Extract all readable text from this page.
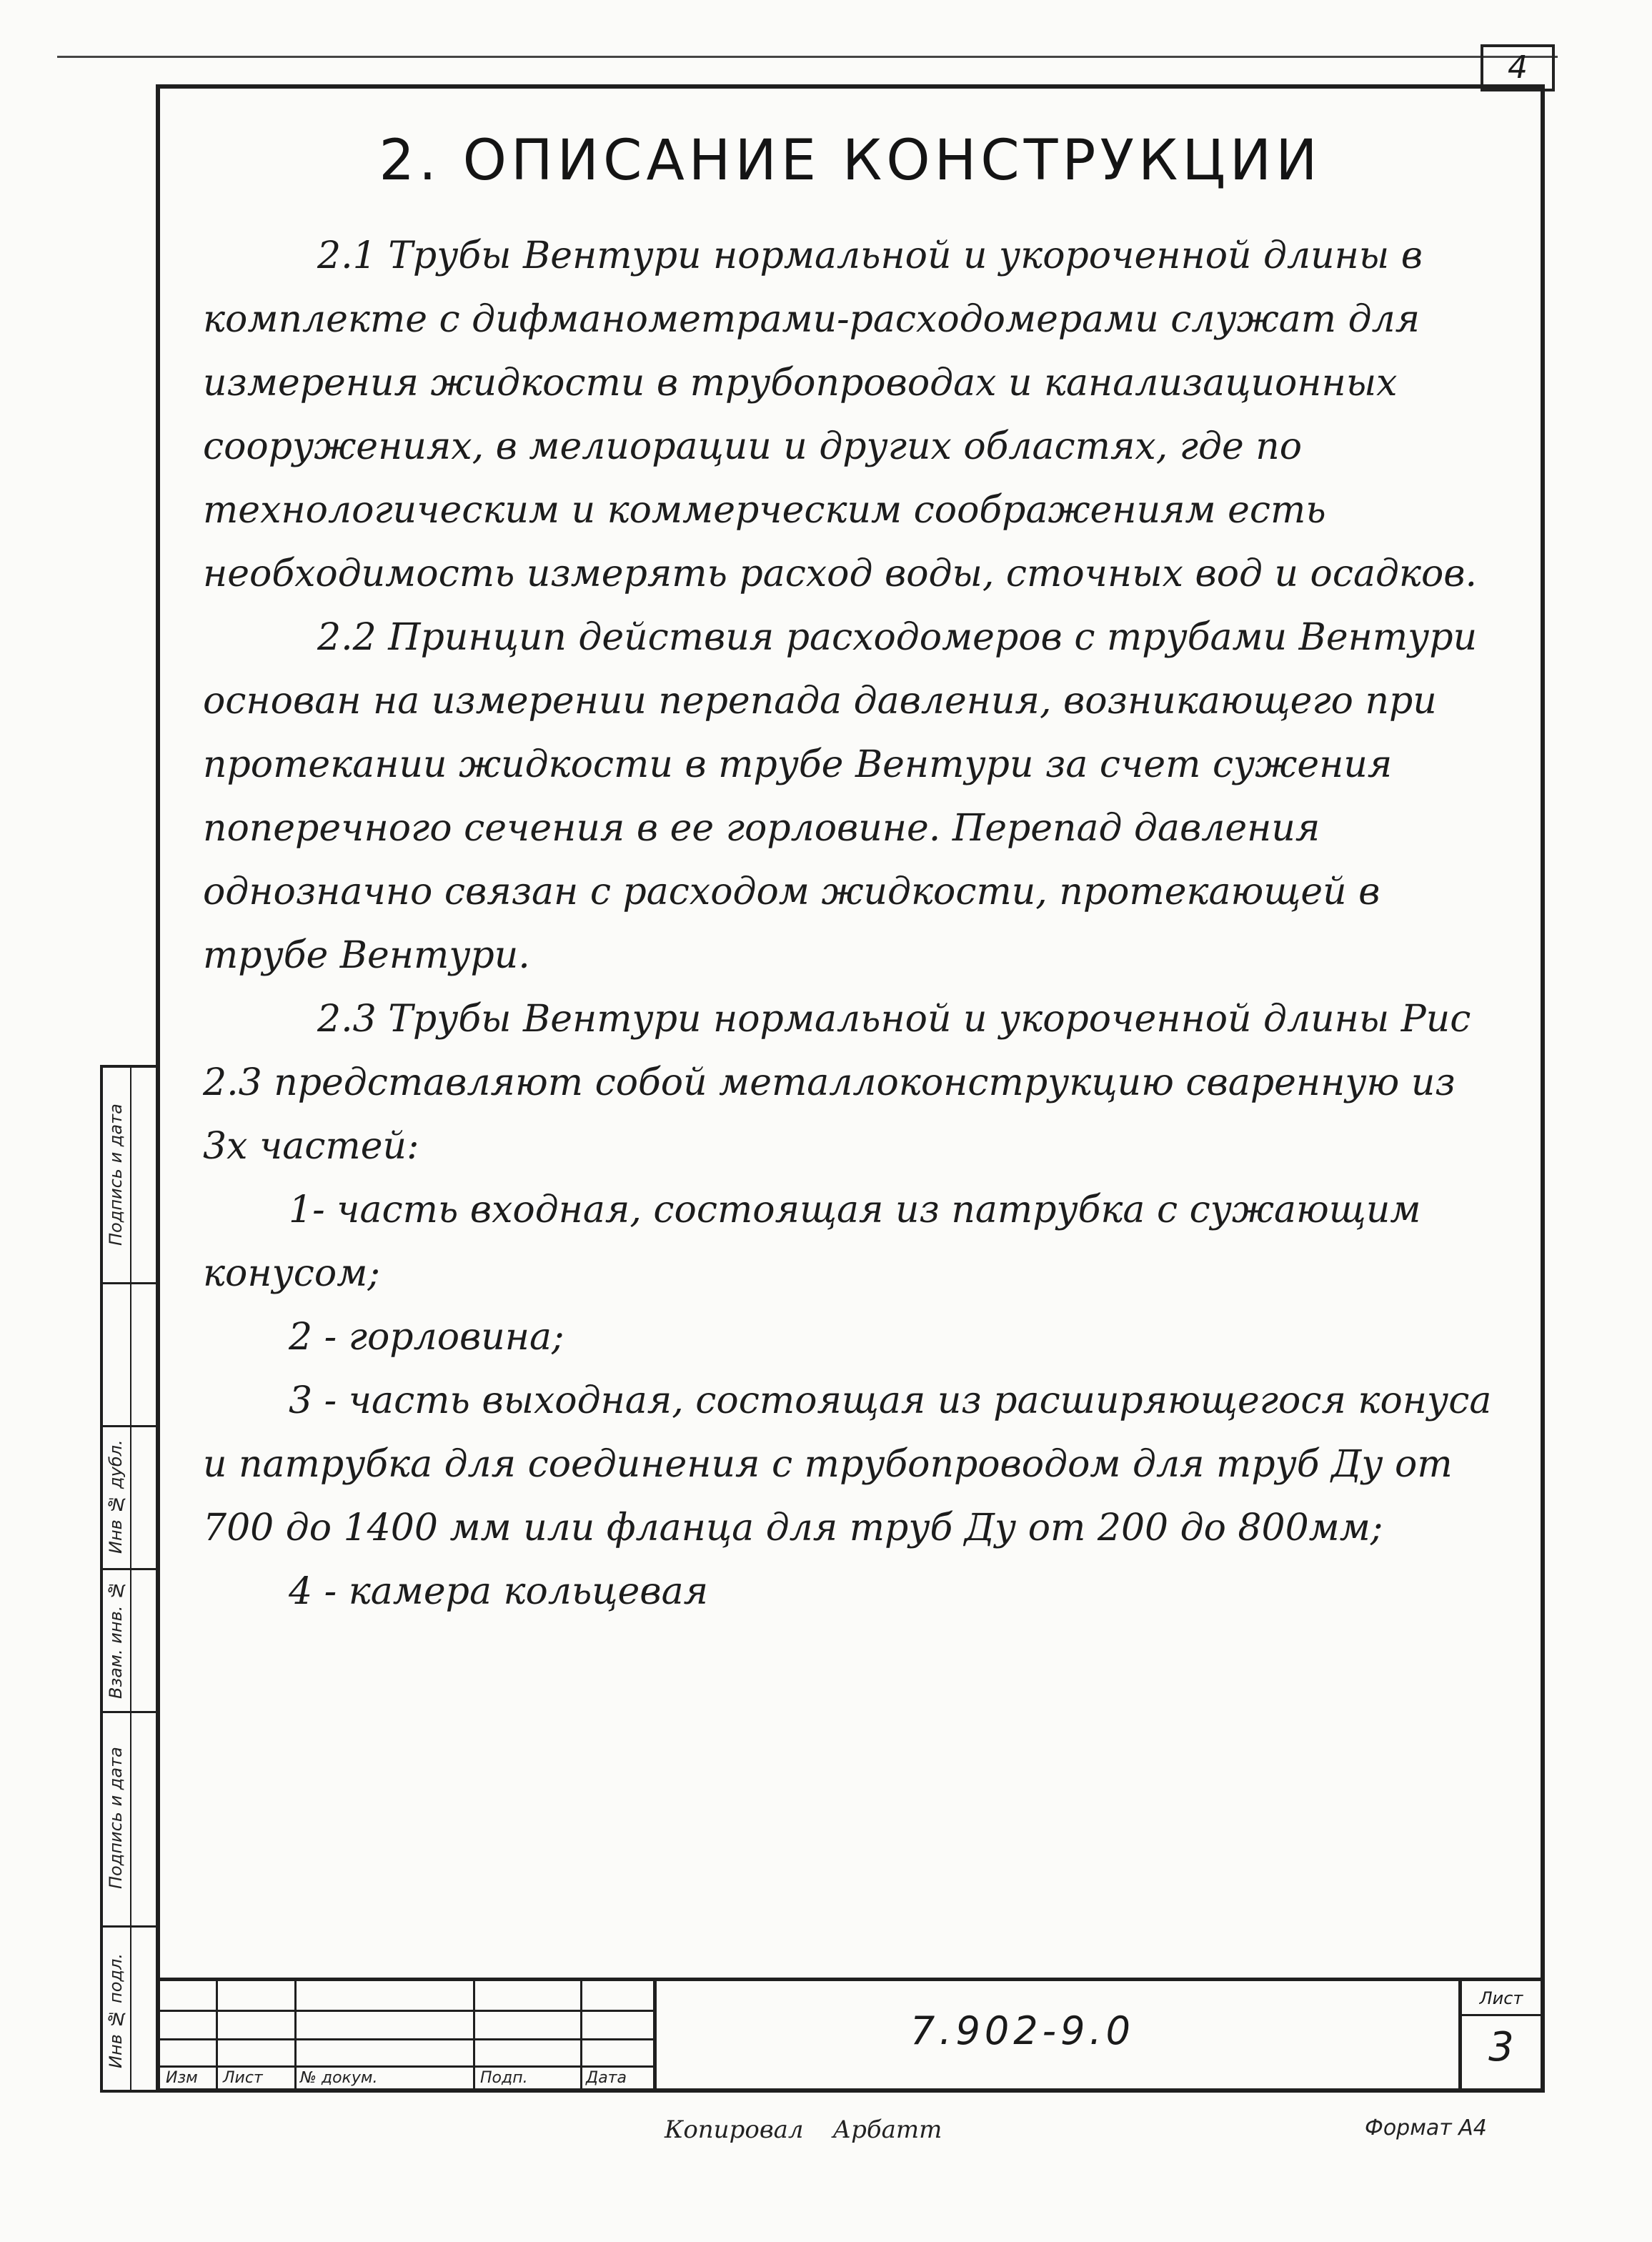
4
Инв № подл.
Подпись и дата
Взам. инв. №
Инв № дубл.
Подпись и дата
2. ОПИСАНИЕ КОНСТРУКЦИИ

2.1 Трубы Вентури нормальной и укороченной длины в комплекте с дифманометрами-расходомерами служат для измерения жидкости в трубопроводах и канализационных сооружениях, в мелиорации и других областях, где по технологическим и коммерческим соображениям есть необходимость измерять расход воды, сточных вод и осадков.

2.2 Принцип действия расходомеров с трубами Вентури основан на измерении перепада давления, возникающего при протекании жидкости в трубе Вентури за счет сужения поперечного сечения в ее горловине. Перепад давления однозначно связан с расходом жидкости, протекающей в трубе Вентури.

2.3 Трубы Вентури нормальной и укороченной длины Рис 2.3 представляют собой металлоконструкцию сваренную из 3х частей:

1- часть входная, состоящая из патрубка с сужающим конусом;

2 - горловина;

3 - часть выходная, состоящая из расширяющегося конуса и патрубка для соединения с трубопроводом для труб Ду от 700 до 1400 мм или фланца для труб Ду от 200 до 800мм;

4 - камера кольцевая

Изм Лист № докум.	Подп.	Дата
7.902-9.0
Лист
3
Копировал Арбатт	Формат А4
